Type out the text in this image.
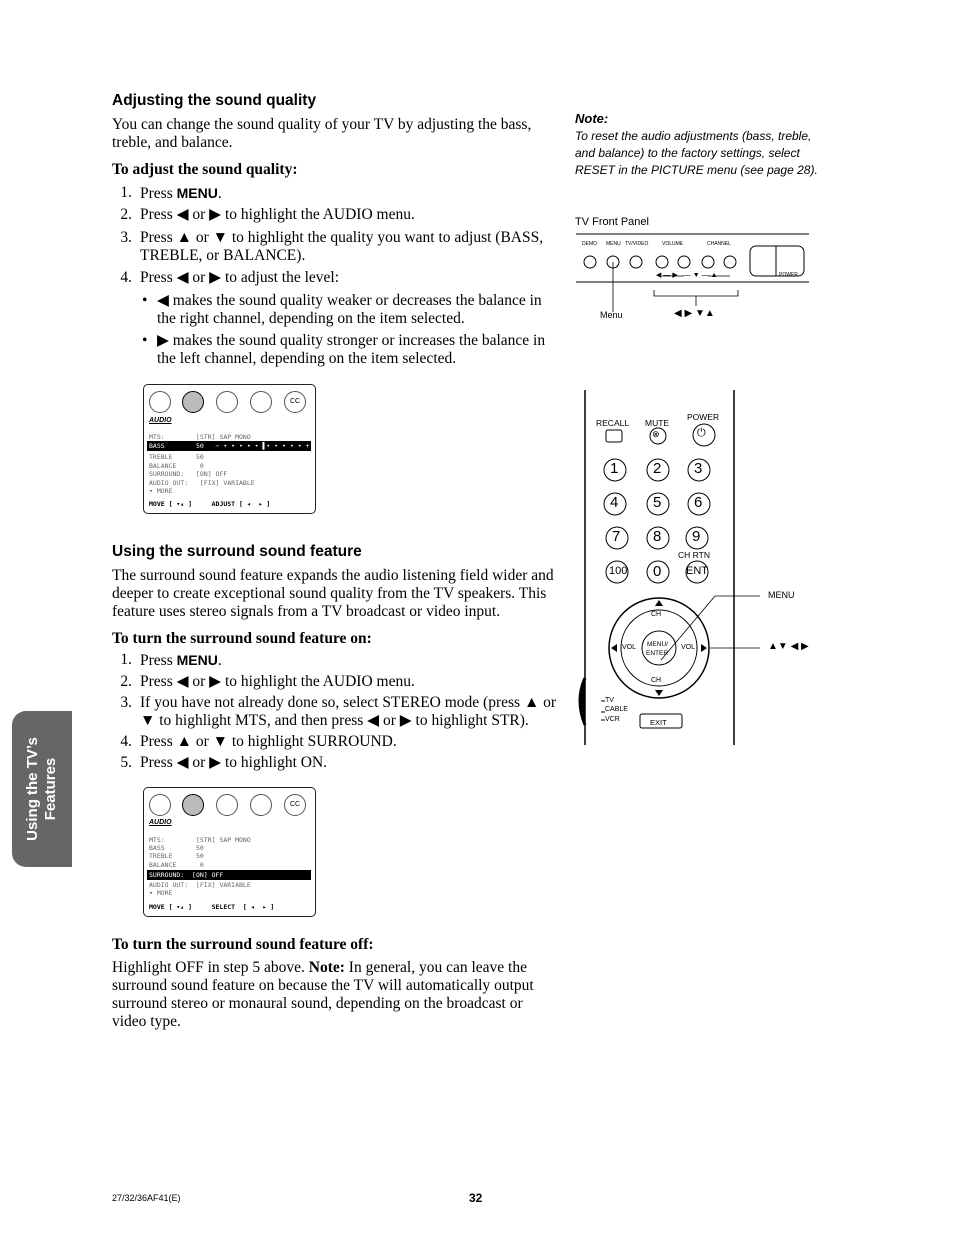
Adjusting the sound quality

You can change the sound quality of your TV by adjusting the bass, treble, and balance.

To adjust the sound quality:

1. Press MENU.
2. Press ◀ or ▶ to highlight the AUDIO menu.
3. Press ▲ or ▼ to highlight the quality you want to adjust (BASS, TREBLE, or BALANCE).
4. Press ◀ or ▶ to adjust the level:
• ◀ makes the sound quality weaker or decreases the balance in the right channel, depending on the item selected.
• ▶ makes the sound quality stronger or increases the balance in the left channel, depending on the item selected.
CC
AUDIO
MTS:        [STR] SAP MONO
BASS        50   − • • • • • ▌• • • • • +
TREBLE      50
BALANCE      0
SURROUND:   [ON] OFF
AUDIO OUT:   [FIX] VARIABLE
▾ MORE
MOVE [ ▾▴ ]     ADJUST [ ◂  ▸ ]
Note:
To reset the audio adjustments (bass, treble, and balance) to the factory settings, select RESET in the PICTURE menu (see page 28).
TV Front Panel
DEMO MENU TV/VIDEO	VOLUME	CHANNEL
POWER
◀—▶ —▼—▲
Menu	◀ ▶ ▼▲
RECALL MUTE
POWER
⊗	⏻
1 2 3
4 5 6
7 8 9
CH RTN
100 0 ENT
CH
CH
VOL	VOL
MENU/
ENTER
TV
CABLE
VCR	EXIT
MENU
▲▼ ◀ ▶
Using the surround sound feature

The surround sound feature expands the audio listening field wider and deeper to create exceptional sound quality from the TV speakers. This feature uses stereo signals from a TV broadcast or video input.

To turn the surround sound feature on:

1. Press MENU.
2. Press ◀ or ▶ to highlight the AUDIO menu.
3. If you have not already done so, select STEREO mode (press ▲ or ▼ to highlight MTS, and then press ◀ or ▶ to highlight STR).
4. Press ▲ or ▼ to highlight SURROUND.
5. Press ◀ or ▶ to highlight ON.
CC
AUDIO
MTS:        [STR] SAP MONO
BASS        50
TREBLE      50
BALANCE      0
SURROUND:  [ON] OFF
AUDIO OUT:  [FIX] VARIABLE
▾ MORE
MOVE [ ▾▴ ]     SELECT  [ ◂  ▸ ]

To turn the surround sound feature off:

Highlight OFF in step 5 above. Note: In general, you can leave the surround sound feature on because the TV will automatically output surround stereo or monaural sound, depending on the broadcast or video type.

Using the TV’s Features
27/32/36AF41(E)	32
